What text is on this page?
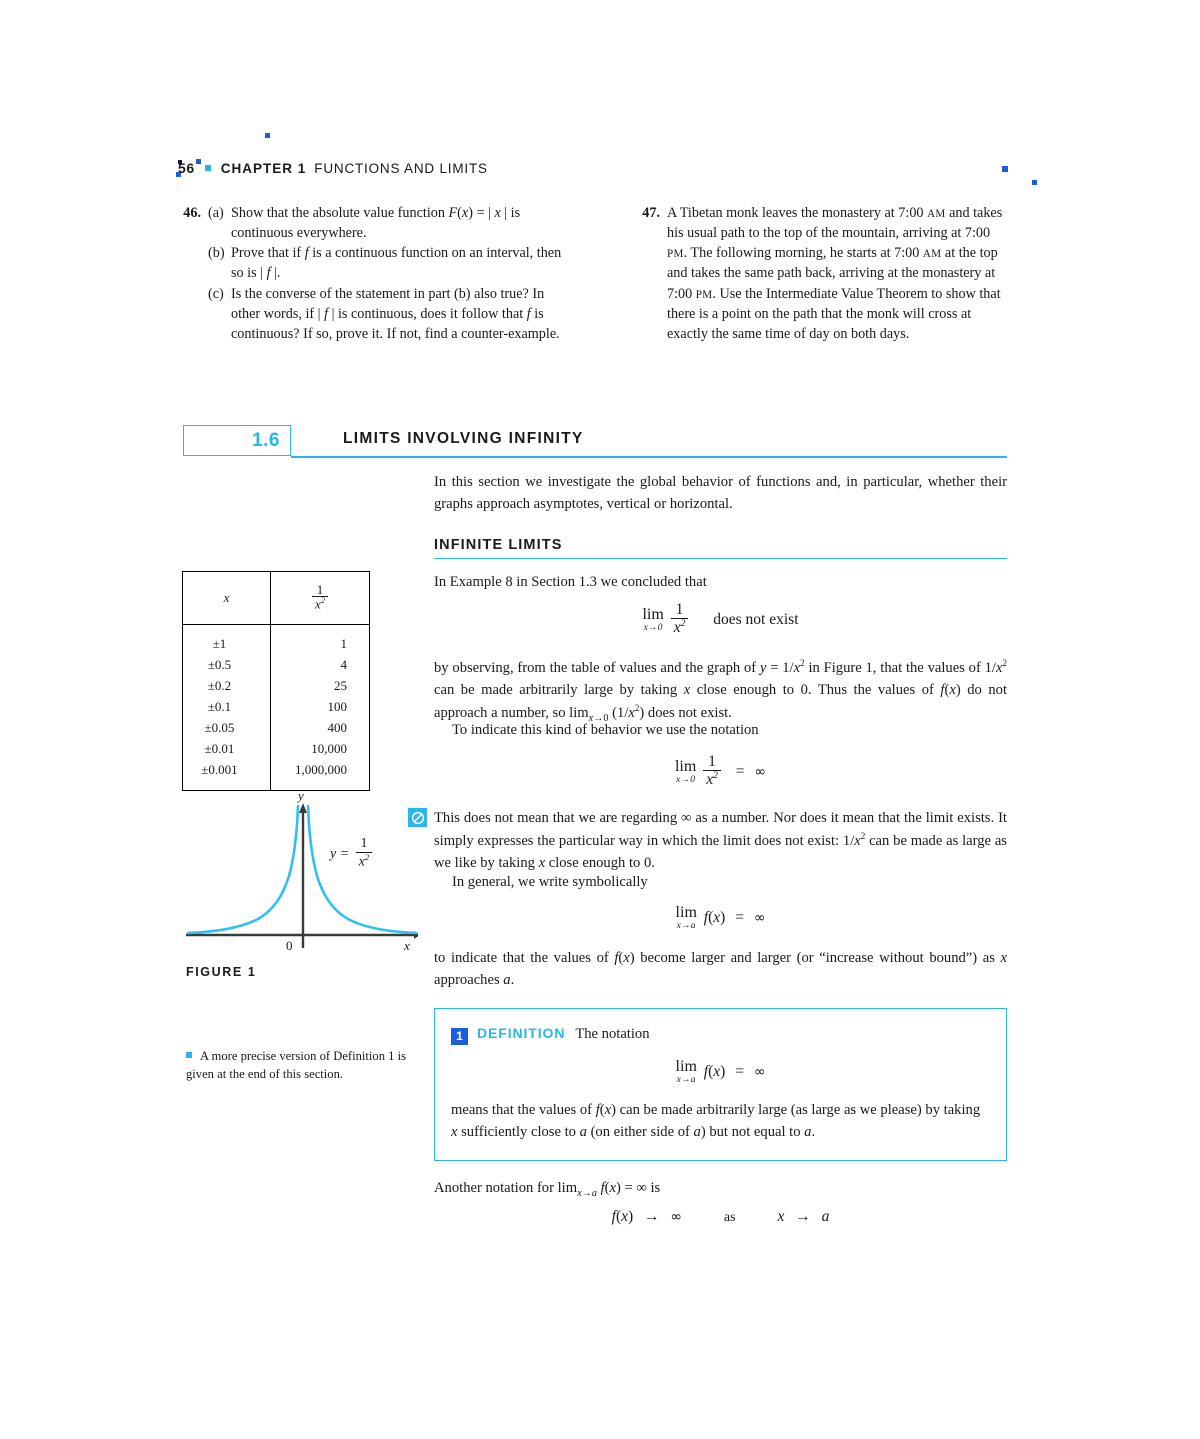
56 CHAPTER 1 FUNCTIONS AND LIMITS
46. (a) Show that the absolute value function F(x) = | x | is continuous everywhere.
(b) Prove that if f is a continuous function on an interval, then so is | f |.
(c) Is the converse of the statement in part (b) also true? In other words, if | f | is continuous, does it follow that f is continuous? If so, prove it. If not, find a counter-example.
47. A Tibetan monk leaves the monastery at 7:00 AM and takes his usual path to the top of the mountain, arriving at 7:00 PM. The following morning, he starts at 7:00 AM at the top and takes the same path back, arriving at the monastery at 7:00 PM. Use the Intermediate Value Theorem to show that there is a point on the path that the monk will cross at exactly the same time of day on both days.
1.6	LIMITS INVOLVING INFINITY
In this section we investigate the global behavior of functions and, in particular, whether their graphs approach asymptotes, vertical or horizontal.
INFINITE LIMITS
x	$\frac{1}{x^2}$

±1	1
±0.5	4
±0.2	25
±0.1	100
±0.05	400
±0.01	10,000
±0.001	1,000,000

In Example 8 in Section 1.3 we concluded that
lim
x→0
$\frac{1}{x^2}$ does not exist
by observing, from the table of values and the graph of $y = 1/x^2$ in Figure 1, that the values of $1/x^2$ can be made arbitrarily large by taking x close enough to 0. Thus the values of f(x) do not approach a number, so $\lim_{x\to 0} (1/x^2)$ does not exist.
To indicate this kind of behavior we use the notation
lim
x→0
$\frac{1}{x^2}$ = ∞
y
0	x
$y = \frac{1}{x^2}$
FIGURE 1
This does not mean that we are regarding ∞ as a number. Nor does it mean that the limit exists. It simply expresses the particular way in which the limit does not exist: $1/x^2$ can be made as large as we like by taking x close enough to 0.
In general, we write symbolically
lim
x→a
f(x) = ∞
to indicate that the values of f(x) become larger and larger (or “increase without bound”) as x approaches a.
A more precise version of Definition 1 is given at the end of this section.
1 DEFINITION The notation
lim
x→a
f(x) = ∞
means that the values of f(x) can be made arbitrarily large (as large as we please) by taking x sufficiently close to a (on either side of a) but not equal to a.
Another notation for $\lim_{x\to a} f(x)$ = ∞ is
f(x) → ∞	as	x → a
